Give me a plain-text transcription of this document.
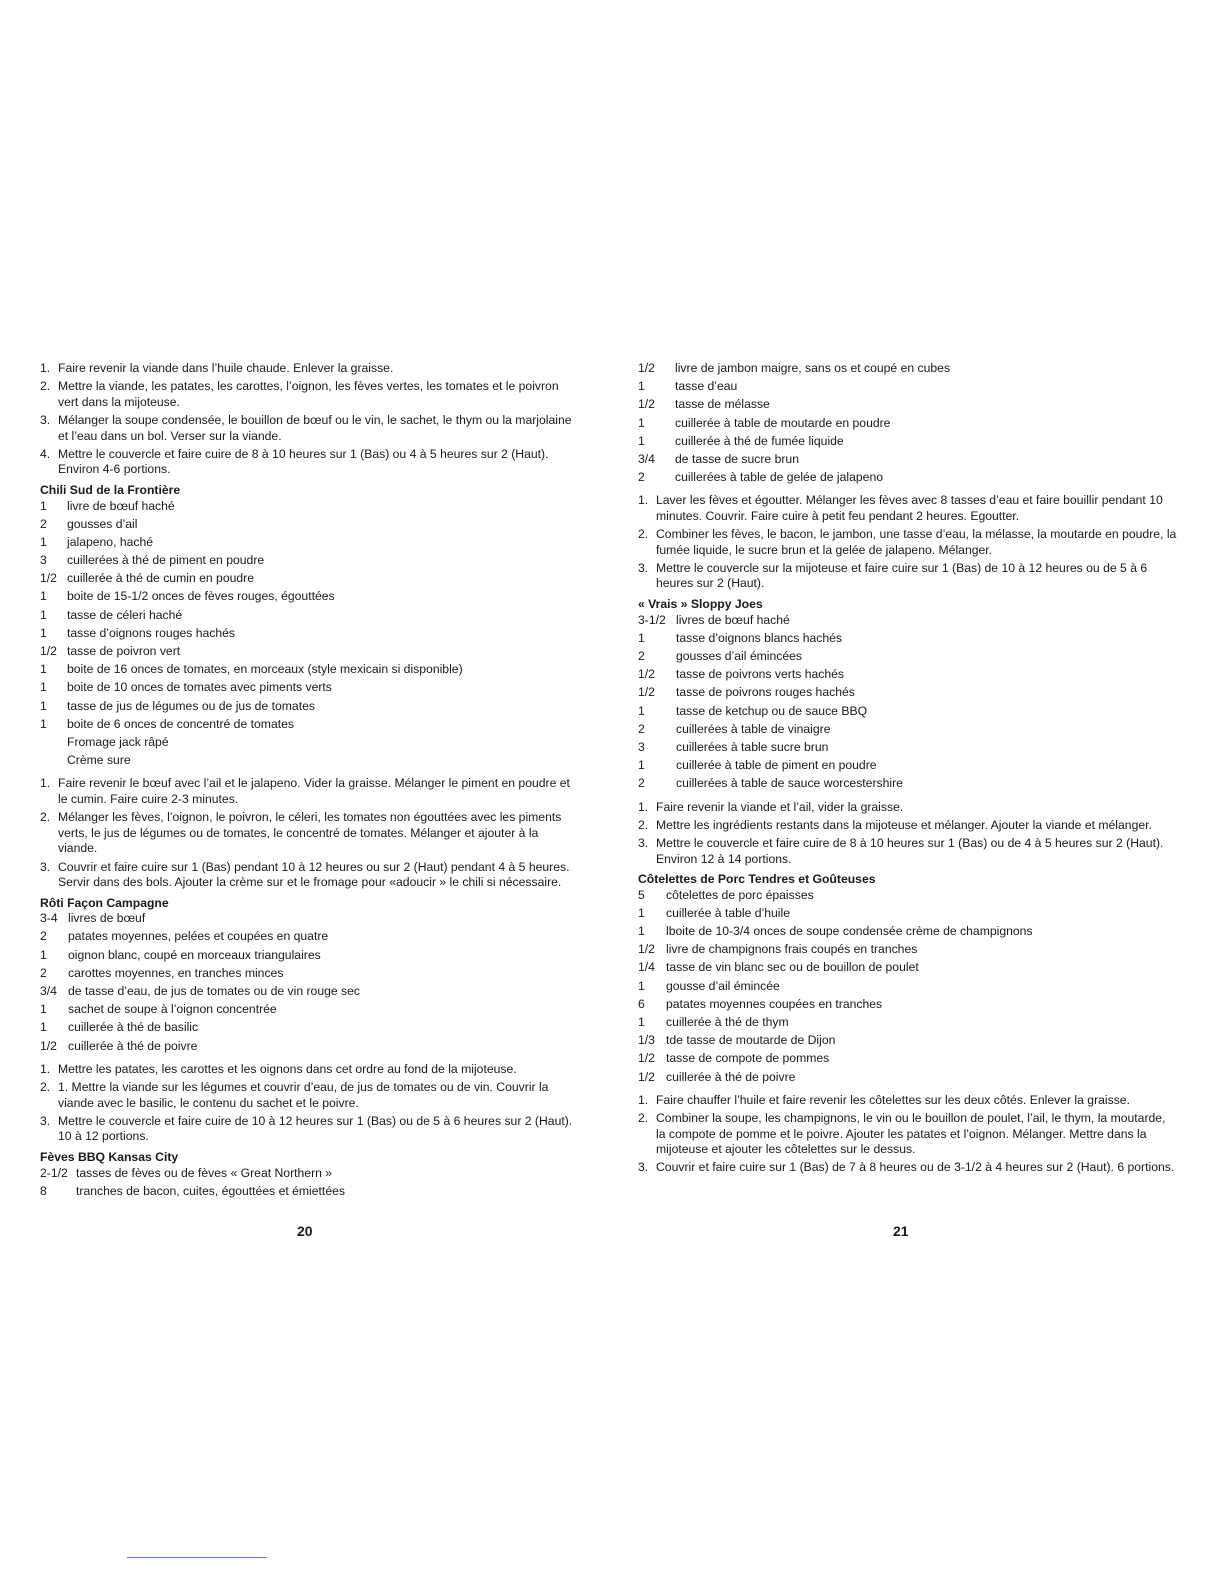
1. Faire revenir la viande dans l’huile chaude. Enlever la graisse.
2. Mettre la viande, les patates, les carottes, l’oignon, les fèves vertes, les tomates et le poivron vert dans la mijoteuse.
3. Mélanger la soupe condensée, le bouillon de bœuf ou le vin, le sachet, le thym ou la marjolaine et l’eau dans un bol. Verser sur la viande.
4. Mettre le couvercle et faire cuire de 8 à 10 heures sur 1 (Bas) ou 4 à 5 heures sur 2 (Haut). Environ 4-6 portions.
Chili Sud de la Frontière
1	livre de bœuf haché
2	gousses d’ail
1	jalapeno, haché
3	cuillerées à thé de piment en poudre
1/2 cuillerée à thé de cumin en poudre
1	boite de 15-1/2 onces de fèves rouges, égouttées
1	tasse de céleri haché
1	tasse d’oignons rouges hachés
1/2 tasse de poivron vert
1	boite de 16 onces de tomates, en morceaux (style mexicain si disponible)
1	boite de 10 onces de tomates avec piments verts
1	tasse de jus de légumes ou de jus de tomates
1	boite de 6 onces de concentré de tomates
Fromage jack râpé
Crème sure
1. Faire revenir le bœuf avec l’ail et le jalapeno. Vider la graisse. Mélanger le piment en poudre et le cumin. Faire cuire 2-3 minutes.
2. Mélanger les fèves, l’oignon, le poivron, le céleri, les tomates non égouttées avec les piments verts, le jus de légumes ou de tomates, le concentré de tomates. Mélanger et ajouter à la viande.
3. Couvrir et faire cuire sur 1 (Bas) pendant 10 à 12 heures ou sur 2 (Haut) pendant 4 à 5 heures. Servir dans des bols. Ajouter la crème sur et le fromage pour «adoucir » le chili si nécessaire.
Rôti Façon Campagne
3-4 livres de bœuf
2	patates moyennes, pelées et coupées en quatre
1	oignon blanc, coupé en morceaux triangulaires
2	carottes moyennes, en tranches minces
3/4 de tasse d’eau, de jus de tomates ou de vin rouge sec
1	sachet de soupe à l’oignon concentrée
1	cuillerée à thé de basilic
1/2 cuillerée à thé de poivre
1. Mettre les patates, les carottes et les oignons dans cet ordre au fond de la mijoteuse.
2. 1. Mettre la viande sur les légumes et couvrir d’eau, de jus de tomates ou de vin. Couvrir la viande avec le basilic, le contenu du sachet et le poivre.
3. Mettre le couvercle et faire cuire de 10 à 12 heures sur 1 (Bas) ou de 5 à 6 heures sur 2 (Haut). 10 à 12 portions.
Fèves BBQ Kansas City
2-1/2 tasses de fèves ou de fèves « Great Northern »
8	tranches de bacon, cuites, égouttées et émiettées
20
1/2	livre de jambon maigre, sans os et coupé en cubes
1	tasse d’eau
1/2	tasse de mélasse
1	cuillerée à table de moutarde en poudre
1	cuillerée à thé de fumée liquide
3/4	de tasse de sucre brun
2	cuillerées à table de gelée de jalapeno
1. Laver les fèves et égoutter. Mélanger les fèves avec 8 tasses d’eau et faire bouillir pendant 10 minutes. Couvrir. Faire cuire à petit feu pendant 2 heures. Egoutter.
2. Combiner les fèves, le bacon, le jambon, une tasse d’eau, la mélasse, la moutarde en poudre, la fumée liquide, le sucre brun et la gelée de jalapeno. Mélanger.
3. Mettre le couvercle sur la mijoteuse et faire cuire sur 1 (Bas) de 10 à 12 heures ou de 5 à 6 heures sur 2 (Haut).
« Vrais » Sloppy Joes
3-1/2 livres de bœuf haché
1	tasse d’oignons blancs hachés
2	gousses d’ail émincées
1/2	tasse de poivrons verts hachés
1/2	tasse de poivrons rouges hachés
1	tasse de ketchup ou de sauce BBQ
2	cuillerées à table de vinaigre
3	cuillerées à table sucre brun
1	cuillerée à table de piment en poudre
2	cuillerées à table de sauce worcestershire
1. Faire revenir la viande et l’ail, vider la graisse.
2. Mettre les ingrédients restants dans la mijoteuse et mélanger. Ajouter la viande et mélanger.
3. Mettre le couvercle et faire cuire de 8 à 10 heures sur 1 (Bas) ou de 4 à 5 heures sur 2 (Haut). Environ 12 à 14 portions.
Côtelettes de Porc Tendres et Goûteuses
5	côtelettes de porc épaisses
1	cuillerée à table d’huile
1	lboite de 10-3/4 onces de soupe condensée crème de champignons
1/2 livre de champignons frais coupés en tranches
1/4 tasse de vin blanc sec ou de bouillon de poulet
1	gousse d’ail émincée
6	patates moyennes coupées en tranches
1	cuillerée à thé de thym
1/3 tde tasse de moutarde de Dijon
1/2 tasse de compote de pommes
1/2 cuillerée à thé de poivre
1. Faire chauffer l’huile et faire revenir les côtelettes sur les deux côtés. Enlever la graisse.
2. Combiner la soupe, les champignons, le vin ou le bouillon de poulet, l’ail, le thym, la moutarde, la compote de pomme et le poivre. Ajouter les patates et l’oignon. Mélanger. Mettre dans la mijoteuse et ajouter les côtelettes sur le dessus.
3. Couvrir et faire cuire sur 1 (Bas) de 7 à 8 heures ou de 3-1/2 à 4 heures sur 2 (Haut). 6 portions.
21
